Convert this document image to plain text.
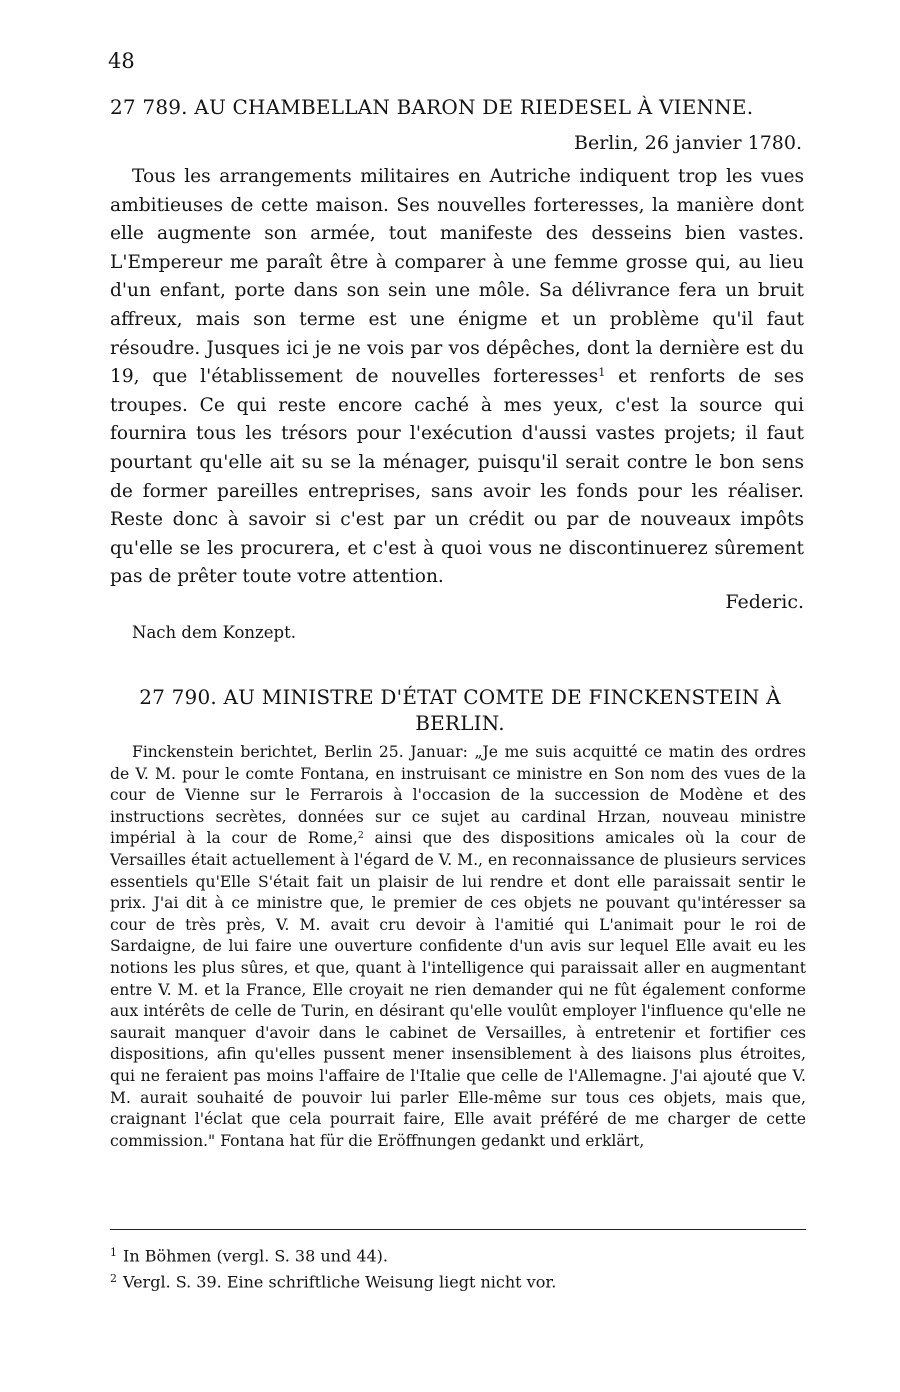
48
27 789. AU CHAMBELLAN BARON DE RIEDESEL À VIENNE.
Berlin, 26 janvier 1780.

Tous les arrangements militaires en Autriche indiquent trop les vues ambitieuses de cette maison. Ses nouvelles forteresses, la manière dont elle augmente son armée, tout manifeste des desseins bien vastes. L'Empereur me paraît être à comparer à une femme grosse qui, au lieu d'un enfant, porte dans son sein une môle. Sa délivrance fera un bruit affreux, mais son terme est une énigme et un problème qu'il faut résoudre. Jusques ici je ne vois par vos dépêches, dont la dernière est du 19, que l'établissement de nouvelles forteresses$^1$ et renforts de ses troupes. Ce qui reste encore caché à mes yeux, c'est la source qui fournira tous les trésors pour l'exécution d'aussi vastes projets; il faut pourtant qu'elle ait su se la ménager, puisqu'il serait contre le bon sens de former pareilles entreprises, sans avoir les fonds pour les réaliser. Reste donc à savoir si c'est par un crédit ou par de nouveaux impôts qu'elle se les procurera, et c'est à quoi vous ne discontinuerez sûrement pas de prêter toute votre attention.

Federic.
Nach dem Konzept.
27 790. AU MINISTRE D'ÉTAT COMTE DE FINCKENSTEIN À BERLIN.

Finckenstein berichtet, Berlin 25. Januar: „Je me suis acquitté ce matin des ordres de V. M. pour le comte Fontana, en instruisant ce ministre en Son nom des vues de la cour de Vienne sur le Ferrarois à l'occasion de la succession de Modène et des instructions secrètes, données sur ce sujet au cardinal Hrzan, nouveau ministre impérial à la cour de Rome,$^2$ ainsi que des dispositions amicales où la cour de Versailles était actuellement à l'égard de V. M., en reconnaissance de plusieurs services essentiels qu'Elle S'était fait un plaisir de lui rendre et dont elle paraissait sentir le prix. J'ai dit à ce ministre que, le premier de ces objets ne pouvant qu'intéresser sa cour de très près, V. M. avait cru devoir à l'amitié qui L'animait pour le roi de Sardaigne, de lui faire une ouverture confidente d'un avis sur lequel Elle avait eu les notions les plus sûres, et que, quant à l'intelligence qui paraissait aller en augmentant entre V. M. et la France, Elle croyait ne rien demander qui ne fût également conforme aux intérêts de celle de Turin, en désirant qu'elle voulût employer l'influence qu'elle ne saurait manquer d'avoir dans le cabinet de Versailles, à entretenir et fortifier ces dispositions, afin qu'elles pussent mener insensiblement à des liaisons plus étroites, qui ne feraient pas moins l'affaire de l'Italie que celle de l'Allemagne. J'ai ajouté que V. M. aurait souhaité de pouvoir lui parler Elle-même sur tous ces objets, mais que, craignant l'éclat que cela pourrait faire, Elle avait préféré de me charger de cette commission." Fontana hat für die Eröffnungen gedankt und erklärt,

$^1$ In Böhmen (vergl. S. 38 und 44).
$^2$ Vergl. S. 39. Eine schriftliche Weisung liegt nicht vor.
